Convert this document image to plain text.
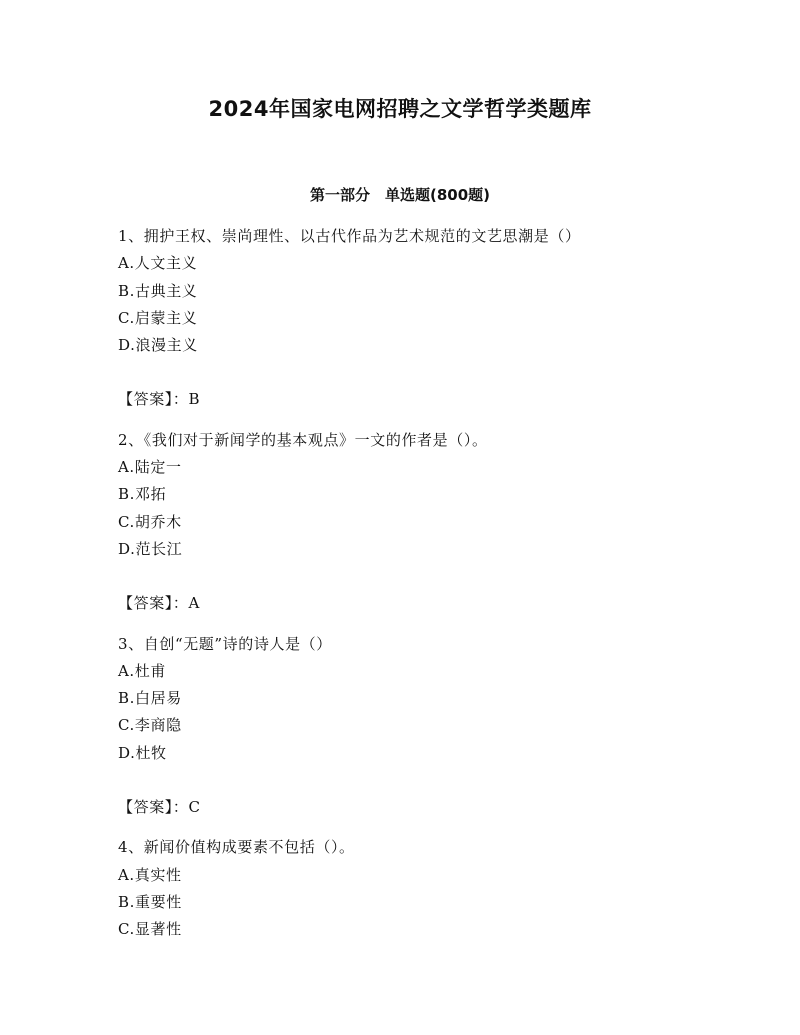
2024年国家电网招聘之文学哲学类题库
第一部分　单选题(800题)
1、拥护王权、崇尚理性、以古代作品为艺术规范的文艺思潮是（）
A.人文主义
B.古典主义
C.启蒙主义
D.浪漫主义
【答案】：B
2、《我们对于新闻学的基本观点》一文的作者是（）。
A.陆定一
B.邓拓
C.胡乔木
D.范长江
【答案】：A
3、自创“无题”诗的诗人是（）
A.杜甫
B.白居易
C.李商隐
D.杜牧
【答案】：C
4、新闻价值构成要素不包括（）。
A.真实性
B.重要性
C.显著性
